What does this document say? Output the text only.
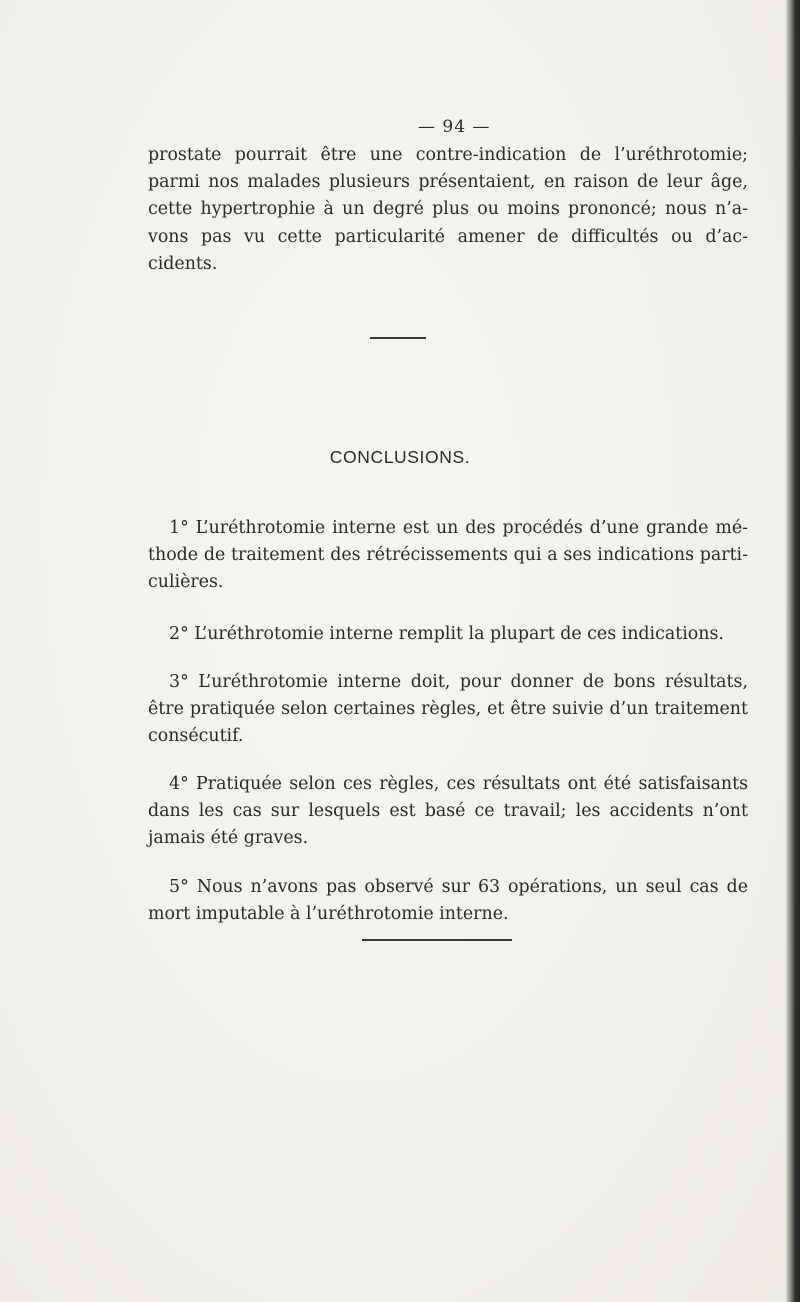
— 94 —

prostate pourrait être une contre-indication de l’uréthrotomie; parmi nos malades plusieurs présentaient, en raison de leur âge, cette hypertrophie à un degré plus ou moins prononcé; nous n’a-vons pas vu cette particularité amener de difficultés ou d’ac-cidents.

CONCLUSIONS.

1° L’uréthrotomie interne est un des procédés d’une grande mé-thode de traitement des rétrécissements qui a ses indications parti-culières.

2° L’uréthrotomie interne remplit la plupart de ces indications.

3° L’uréthrotomie interne doit, pour donner de bons résultats, être pratiquée selon certaines règles, et être suivie d’un traitement consécutif.

4° Pratiquée selon ces règles, ces résultats ont été satisfaisants dans les cas sur lesquels est basé ce travail; les accidents n’ont jamais été graves.

5° Nous n’avons pas observé sur 63 opérations, un seul cas de mort imputable à l’uréthrotomie interne.
